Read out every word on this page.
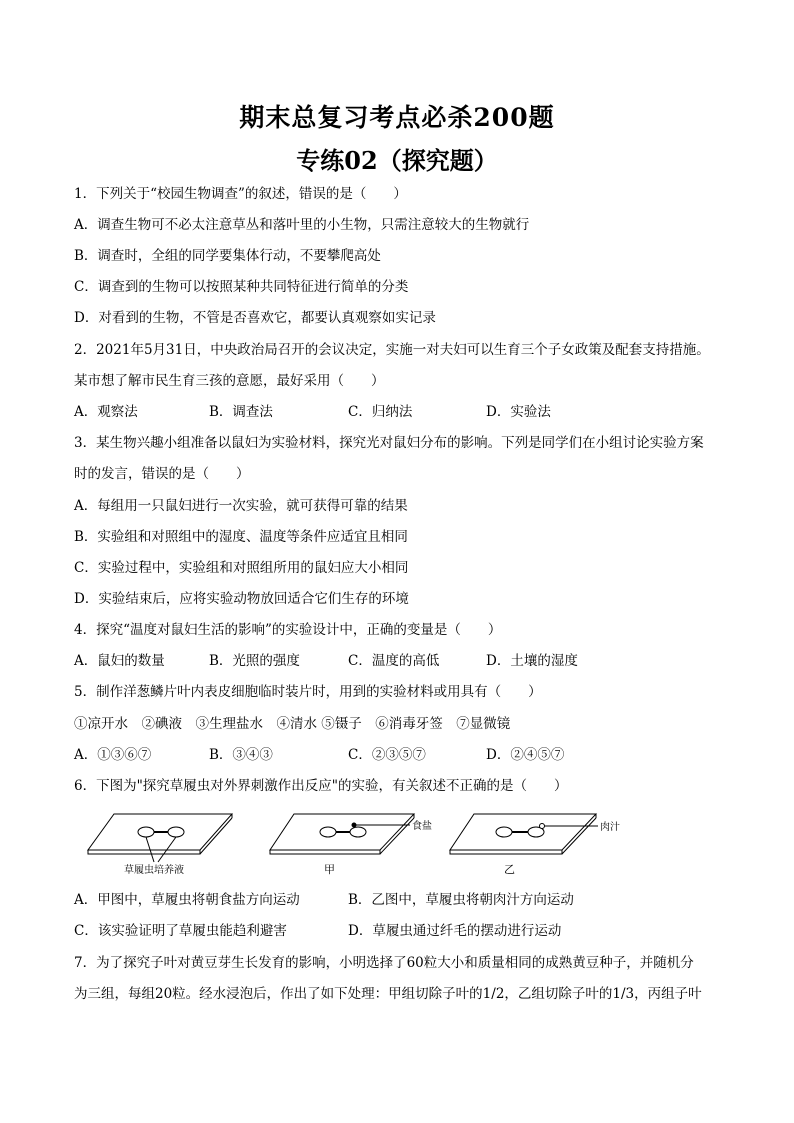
期末总复习考点必杀200题
专练02（探究题）
1．下列关于“校园生物调查”的叙述，错误的是（　　）
A．调查生物可不必太注意草丛和落叶里的小生物，只需注意较大的生物就行
B．调查时，全组的同学要集体行动，不要攀爬高处
C．调查到的生物可以按照某种共同特征进行简单的分类
D．对看到的生物，不管是否喜欢它，都要认真观察如实记录
2．2021年5月31日，中央政治局召开的会议决定，实施一对夫妇可以生育三个子女政策及配套支持措施。
某市想了解市民生育三孩的意愿，最好采用（　　）
A．观察法	B．调查法	C．归纳法	D．实验法
3．某生物兴趣小组准备以鼠妇为实验材料，探究光对鼠妇分布的影响。下列是同学们在小组讨论实验方案
时的发言，错误的是（　　）
A．每组用一只鼠妇进行一次实验，就可获得可靠的结果
B．实验组和对照组中的湿度、温度等条件应适宜且相同
C．实验过程中，实验组和对照组所用的鼠妇应大小相同
D．实验结束后，应将实验动物放回适合它们生存的环境
4．探究“温度对鼠妇生活的影响”的实验设计中，正确的变量是（　　）
A．鼠妇的数量	B．光照的强度	C．温度的高低	D．土壤的湿度
5．制作洋葱鳞片叶内表皮细胞临时装片时，用到的实验材料或用具有（　　）
①凉开水　②碘液　③生理盐水　④清水 ⑤镊子　⑥消毒牙签　⑦显微镜
A．①③⑥⑦	B．③④③	C．②③⑤⑦	D．②④⑤⑦
6．下图为"探究草履虫对外界刺激作出反应"的实验，有关叙述不正确的是（　　）
草履虫培养液
食盐
甲
肉汁
乙
A．甲图中，草履虫将朝食盐方向运动	B．乙图中，草履虫将朝肉汁方向运动
C．该实验证明了草履虫能趋利避害	D．草履虫通过纤毛的摆动进行运动
7．为了探究子叶对黄豆芽生长发育的影响，小明选择了60粒大小和质量相同的成熟黄豆种子，并随机分
为三组，每组20粒。经水浸泡后，作出了如下处理：甲组切除子叶的1/2，乙组切除子叶的1/3，丙组子叶
